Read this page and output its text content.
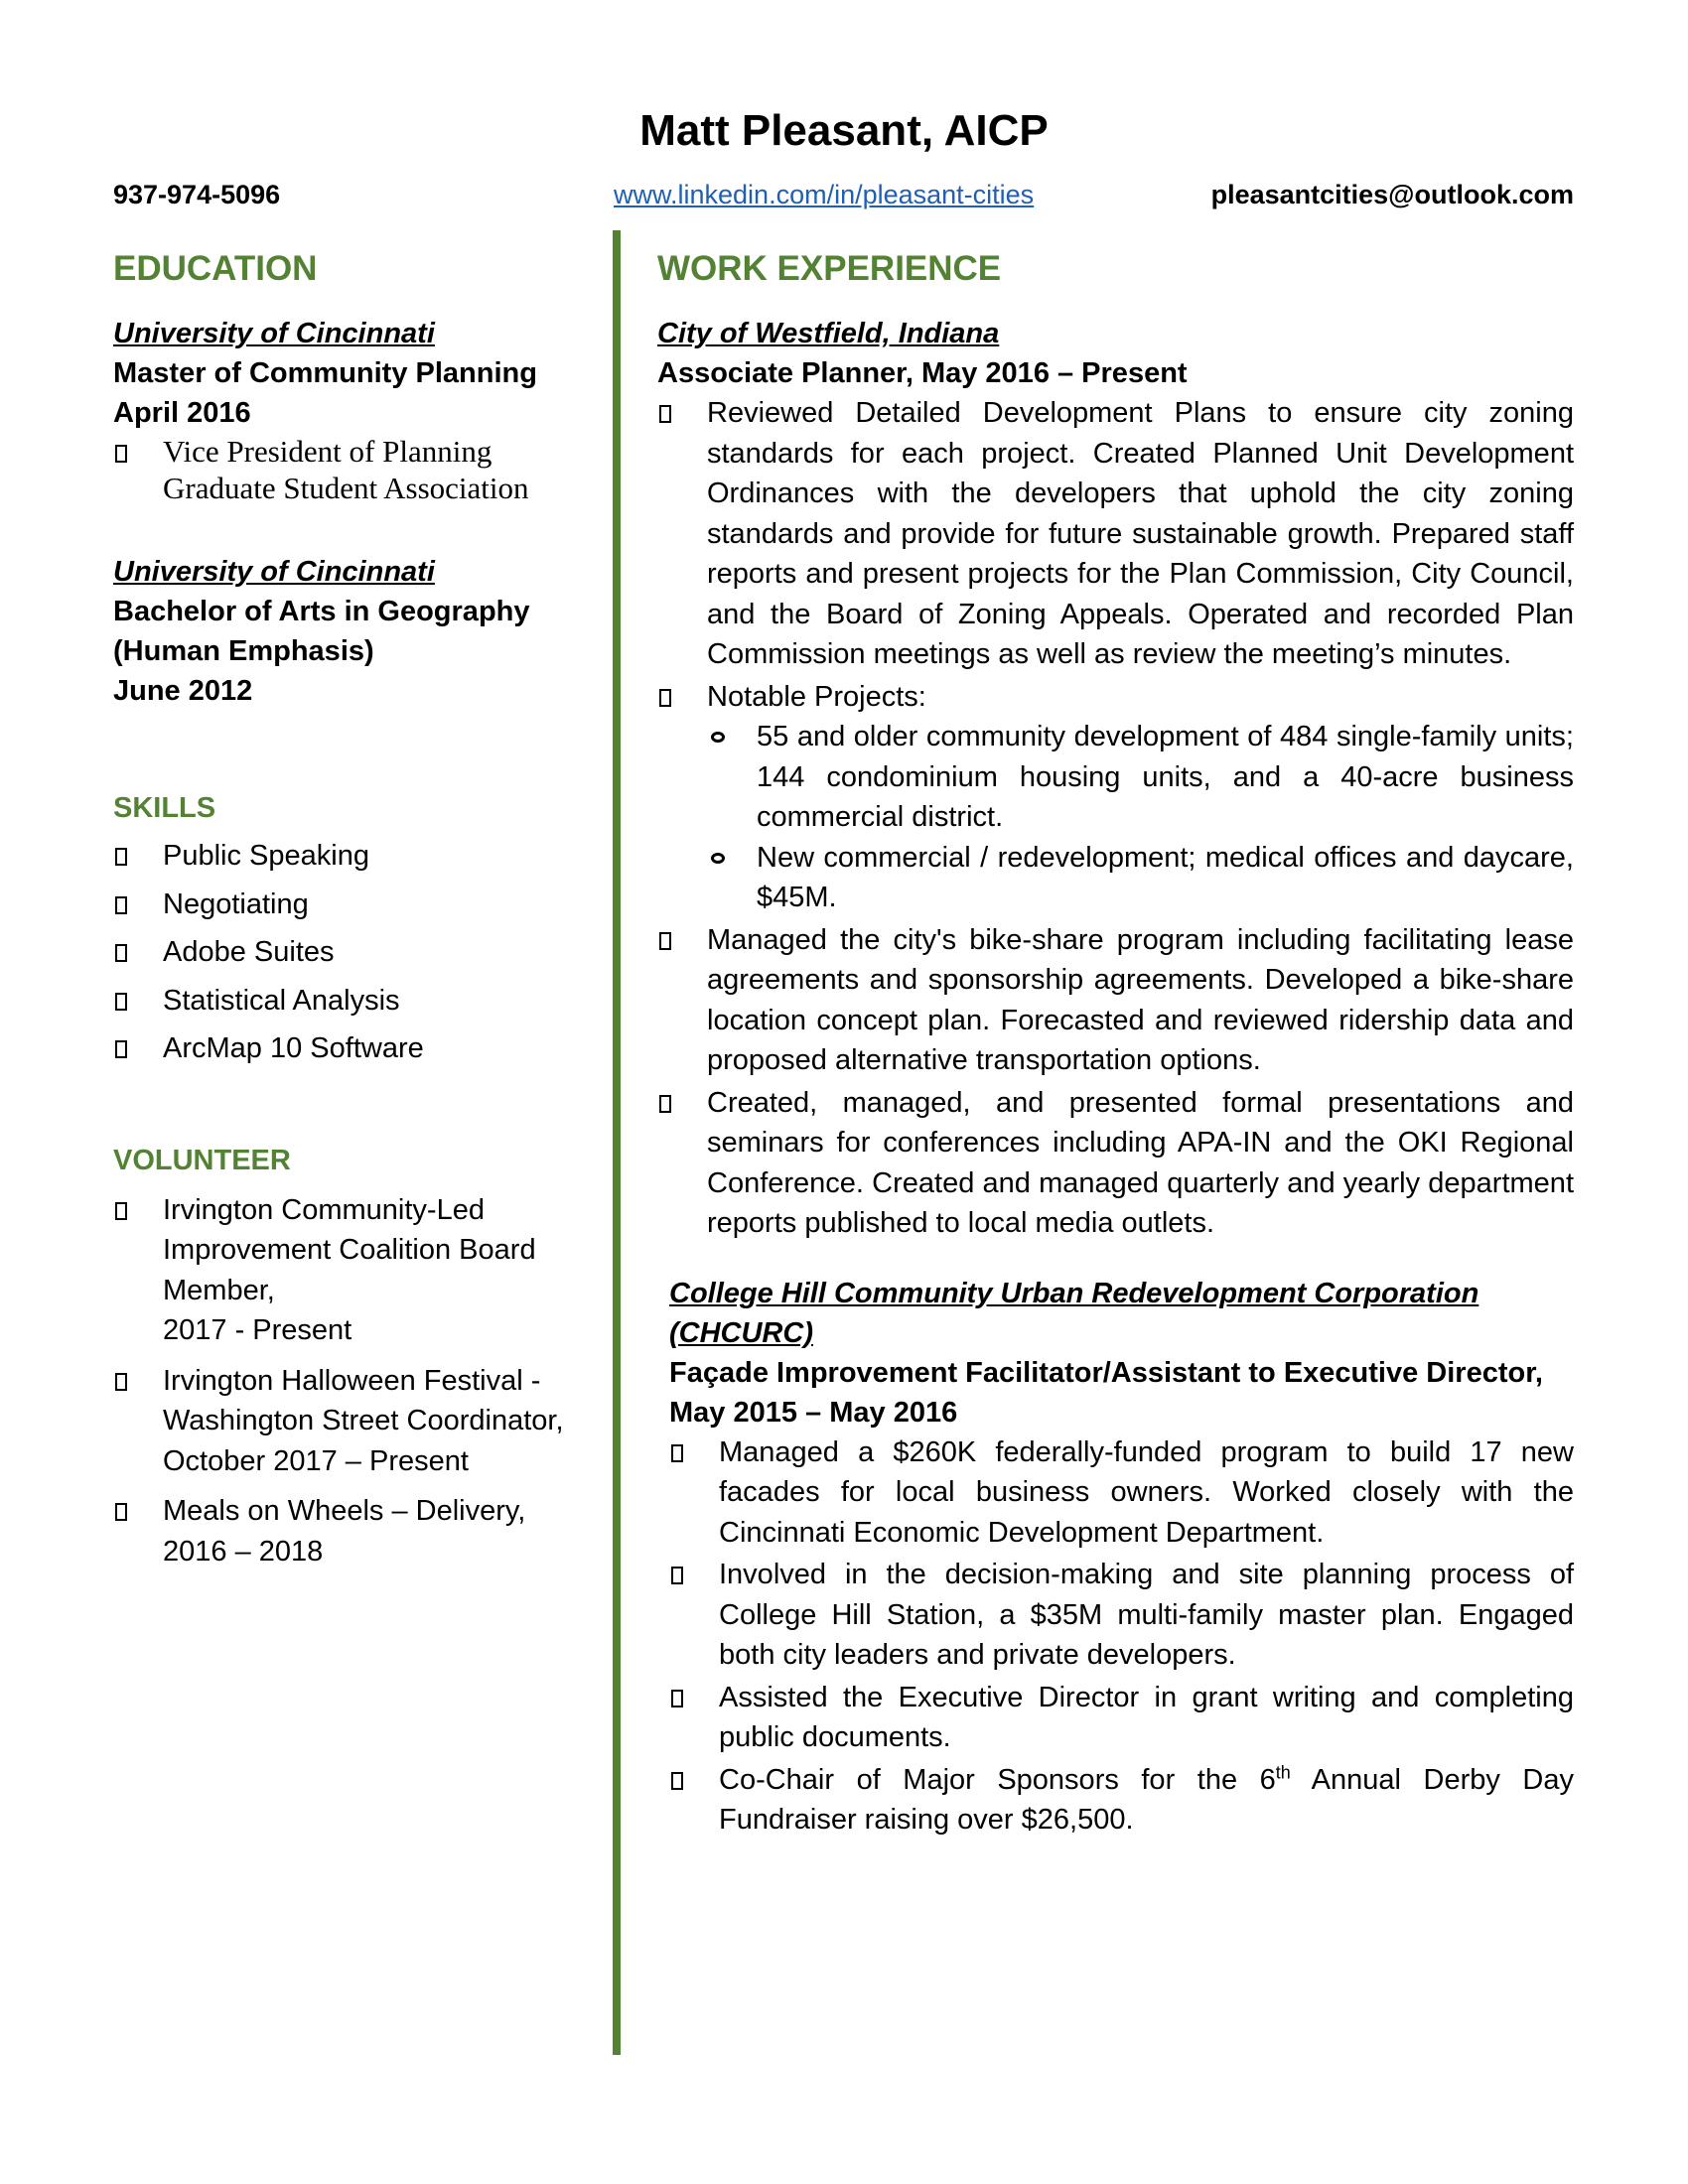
Matt Pleasant, AICP
937-974-5096	www.linkedin.com/in/pleasant-cities	pleasantcities@outlook.com
EDUCATION
University of Cincinnati
Master of Community Planning
April 2016
Vice President of Planning Graduate Student Association
University of Cincinnati
Bachelor of Arts in Geography
(Human Emphasis)
June 2012
SKILLS
Public Speaking
Negotiating
Adobe Suites
Statistical Analysis
ArcMap 10 Software
VOLUNTEER
Irvington Community-Led Improvement Coalition Board Member,
2017 - Present
Irvington Halloween Festival - Washington Street Coordinator,
October 2017 – Present
Meals on Wheels – Delivery,
2016 – 2018
WORK EXPERIENCE
City of Westfield, Indiana
Associate Planner, May 2016 – Present
Reviewed Detailed Development Plans to ensure city zoning standards for each project. Created Planned Unit Development Ordinances with the developers that uphold the city zoning standards and provide for future sustainable growth. Prepared staff reports and present projects for the Plan Commission, City Council, and the Board of Zoning Appeals. Operated and recorded Plan Commission meetings as well as review the meeting’s minutes.
Notable Projects:
55 and older community development of 484 single-family units; 144 condominium housing units, and a 40-acre business commercial district.
New commercial / redevelopment; medical offices and daycare, $45M.
Managed the city's bike-share program including facilitating lease agreements and sponsorship agreements. Developed a bike-share location concept plan. Forecasted and reviewed ridership data and proposed alternative transportation options.
Created, managed, and presented formal presentations and seminars for conferences including APA-IN and the OKI Regional Conference. Created and managed quarterly and yearly department reports published to local media outlets.
College Hill Community Urban Redevelopment Corporation (CHCURC)
Façade Improvement Facilitator/Assistant to Executive Director,
May 2015 – May 2016
Managed a $260K federally-funded program to build 17 new facades for local business owners. Worked closely with the Cincinnati Economic Development Department.
Involved in the decision-making and site planning process of College Hill Station, a $35M multi-family master plan. Engaged both city leaders and private developers.
Assisted the Executive Director in grant writing and completing public documents.
Co-Chair of Major Sponsors for the 6th Annual Derby Day Fundraiser raising over $26,500.
